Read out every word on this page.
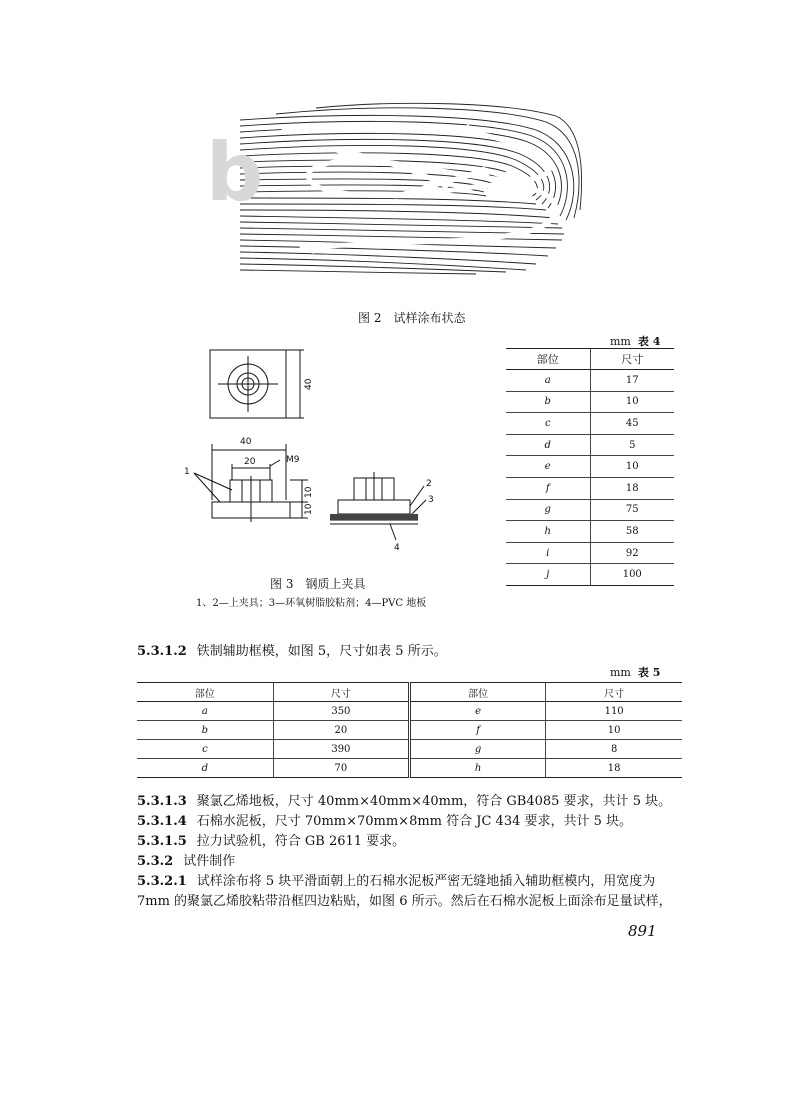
b
图 2　试样涂布状态
40
20	M9
1
2
3
4
40
10
10
图 3　钢质上夹具
1、2—上夹具；3—环氧树脂胶粘剂；4—PVC 地板
mm 表 4
部位	尺寸
a	17
b	10
c	45
d	5
e	10
f	18
g	75
h	58
i	92
j	100
5.3.1.2 铁制辅助框模，如图 5，尺寸如表 5 所示。
mm 表 5
部位	尺寸	部位	尺寸
a	350	e	110
b	20	f	10
c	390	g	8
d	70	h	18
5.3.1.3 聚氯乙烯地板，尺寸 40mm×40mm×40mm，符合 GB4085 要求，共计 5 块。
5.3.1.4 石棉水泥板，尺寸 70mm×70mm×8mm 符合 JC 434 要求，共计 5 块。
5.3.1.5 拉力试验机，符合 GB 2611 要求。
5.3.2 试件制作
5.3.2.1 试样涂布将 5 块平滑面朝上的石棉水泥板严密无缝地插入辅助框模内，用宽度为
7mm 的聚氯乙烯胶粘带沿框四边粘贴，如图 6 所示。然后在石棉水泥板上面涂布足量试样，
891
